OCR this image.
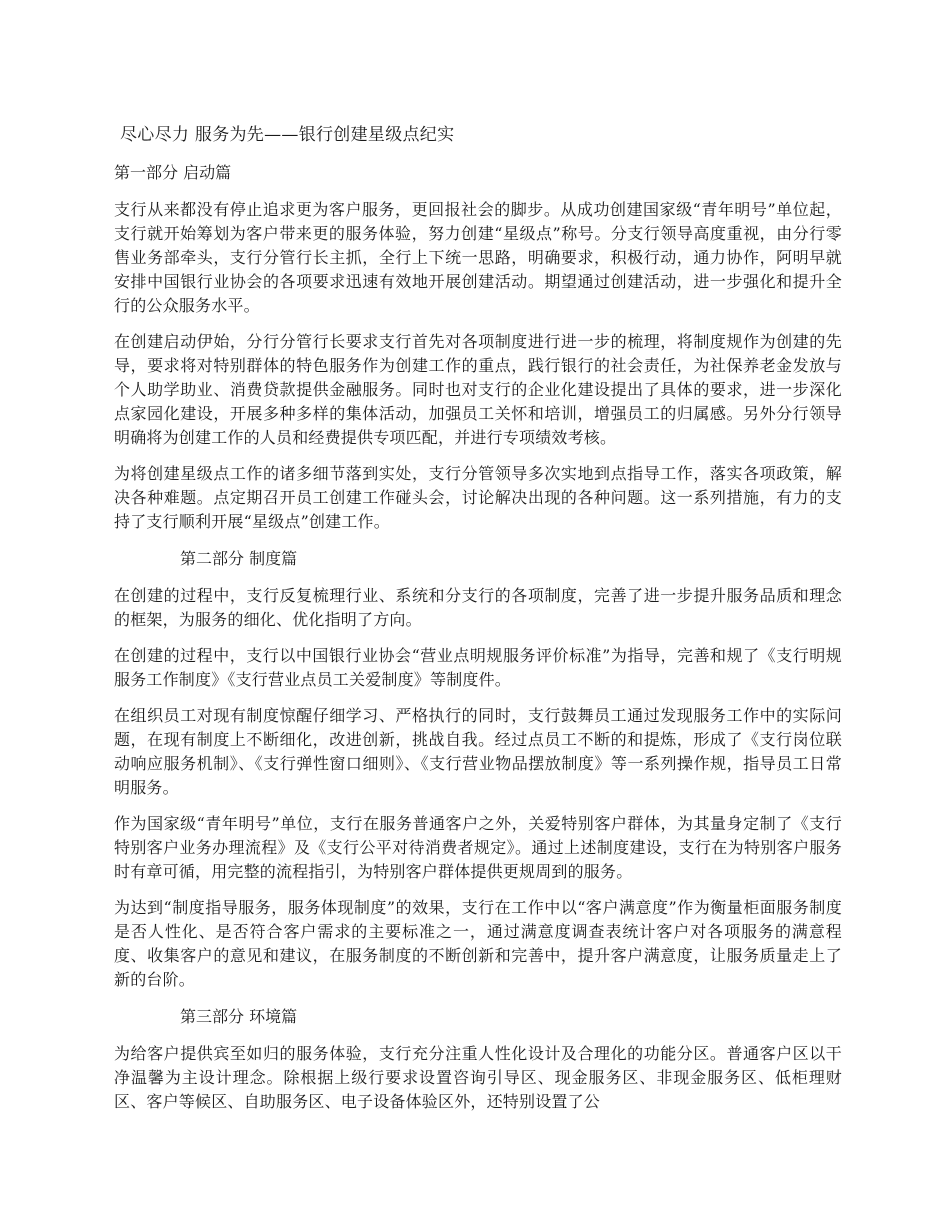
尽心尽力 服务为先——银行创建星级点纪实
第一部分 启动篇

支行从来都没有停止追求更为客户服务，更回报社会的脚步。从成功创建国家级“青年明号”单位起，支行就开始筹划为客户带来更的服务体验，努力创建“星级点”称号。分支行领导高度重视，由分行零售业务部牵头，支行分管行长主抓，全行上下统一思路，明确要求，积极行动，通力协作，阿明早就安排中国银行业协会的各项要求迅速有效地开展创建活动。期望通过创建活动，进一步强化和提升全行的公众服务水平。

在创建启动伊始，分行分管行长要求支行首先对各项制度进行进一步的梳理，将制度规作为创建的先导，要求将对特别群体的特色服务作为创建工作的重点，践行银行的社会责任，为社保养老金发放与个人助学助业、消费贷款提供金融服务。同时也对支行的企业化建设提出了具体的要求，进一步深化点家园化建设，开展多种多样的集体活动，加强员工关怀和培训，增强员工的归属感。另外分行领导明确将为创建工作的人员和经费提供专项匹配，并进行专项绩效考核。

为将创建星级点工作的诸多细节落到实处，支行分管领导多次实地到点指导工作，落实各项政策，解决各种难题。点定期召开员工创建工作碰头会，讨论解决出现的各种问题。这一系列措施，有力的支持了支行顺利开展“星级点”创建工作。

第二部分 制度篇

在创建的过程中，支行反复梳理行业、系统和分支行的各项制度，完善了进一步提升服务品质和理念的框架，为服务的细化、优化指明了方向。

在创建的过程中，支行以中国银行业协会“营业点明规服务评价标准”为指导，完善和规了《支行明规服务工作制度》《支行营业点员工关爱制度》等制度件。

在组织员工对现有制度惊醒仔细学习、严格执行的同时，支行鼓舞员工通过发现服务工作中的实际问题，在现有制度上不断细化，改进创新，挑战自我。经过点员工不断的和提炼，形成了《支行岗位联动响应服务机制》、《支行弹性窗口细则》、《支行营业物品摆放制度》等一系列操作规，指导员工日常明服务。

作为国家级“青年明号”单位，支行在服务普通客户之外，关爱特别客户群体，为其量身定制了《支行特别客户业务办理流程》及《支行公平对待消费者规定》。通过上述制度建设，支行在为特别客户服务时有章可循，用完整的流程指引，为特别客户群体提供更规周到的服务。

为达到“制度指导服务，服务体现制度”的效果，支行在工作中以“客户满意度”作为衡量柜面服务制度是否人性化、是否符合客户需求的主要标准之一，通过满意度调查表统计客户对各项服务的满意程度、收集客户的意见和建议，在服务制度的不断创新和完善中，提升客户满意度，让服务质量走上了新的台阶。

第三部分 环境篇

为给客户提供宾至如归的服务体验，支行充分注重人性化设计及合理化的功能分区。普通客户区以干净温馨为主设计理念。除根据上级行要求设置咨询引导区、现金服务区、非现金服务区、低柜理财区、客户等候区、自助服务区、电子设备体验区外，还特别设置了公
